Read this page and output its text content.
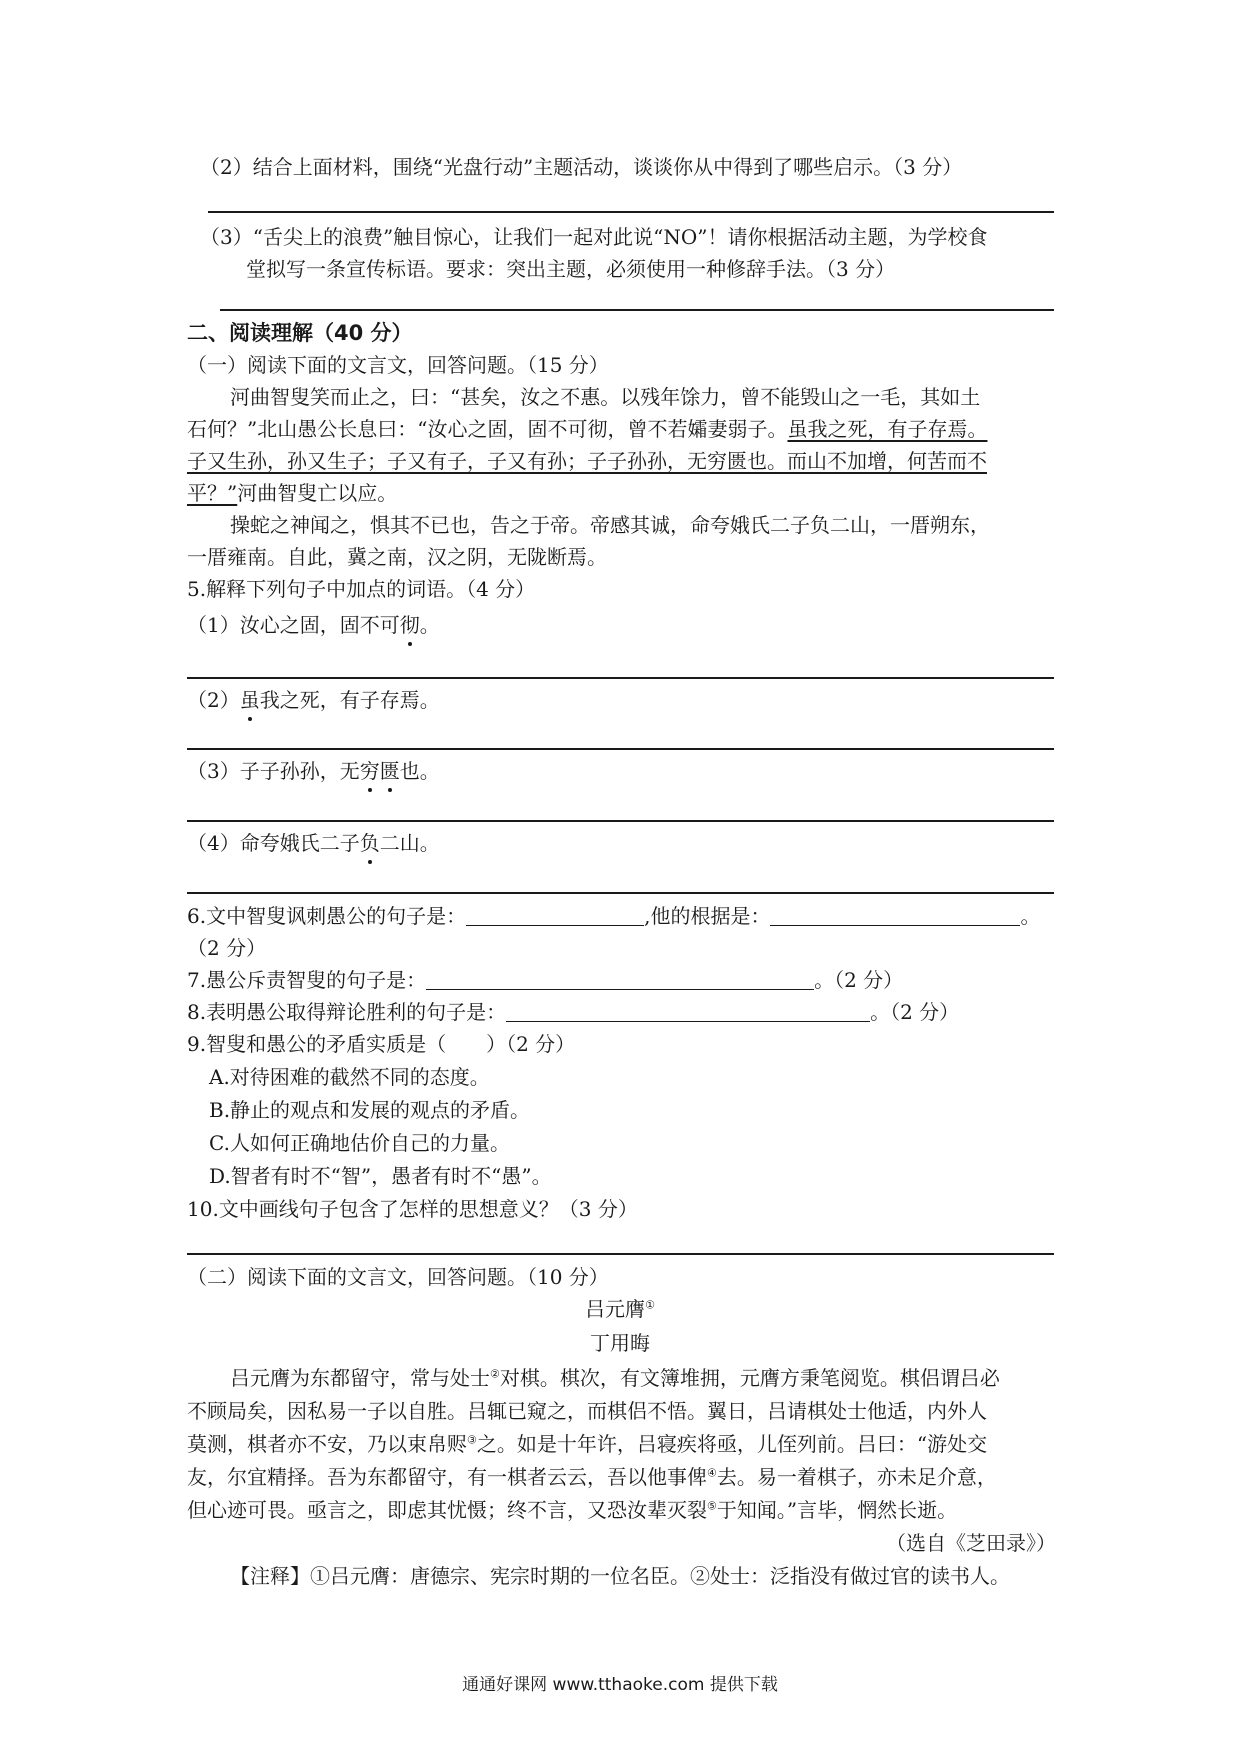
（2）结合上面材料，围绕“光盘行动”主题活动，谈谈你从中得到了哪些启示。（3 分）
（3）“舌尖上的浪费”触目惊心，让我们一起对此说“NO”！请你根据活动主题，为学校食
堂拟写一条宣传标语。要求：突出主题，必须使用一种修辞手法。（3 分）
二、阅读理解（40 分）
（一）阅读下面的文言文，回答问题。（15 分）
河曲智叟笑而止之，曰：“甚矣，汝之不惠。以残年馀力，曾不能毁山之一毛，其如土
石何？”北山愚公长息曰：“汝心之固，固不可彻，曾不若孀妻弱子。虽我之死，有子存焉。
子又生孙，孙又生子；子又有子，子又有孙；子子孙孙，无穷匮也。而山不加增，何苦而不
平？”河曲智叟亡以应。
操蛇之神闻之，惧其不已也，告之于帝。帝感其诚，命夸娥氏二子负二山，一厝朔东，
一厝雍南。自此，冀之南，汉之阴，无陇断焉。
5.解释下列句子中加点的词语。（4 分）
（1）汝心之固，固不可彻。
（2）虽我之死，有子存焉。
（3）子子孙孙，无穷匮也。
（4）命夸娥氏二子负二山。
6.文中智叟讽刺愚公的句子是：	,他的根据是：	。
（2 分）
7.愚公斥责智叟的句子是：	。（2 分）
8.表明愚公取得辩论胜利的句子是：	。（2 分）
9.智叟和愚公的矛盾实质是（　　）（2 分）
A.对待困难的截然不同的态度。
B.静止的观点和发展的观点的矛盾。
C.人如何正确地估价自己的力量。
D.智者有时不“智”，愚者有时不“愚”。
10.文中画线句子包含了怎样的思想意义？（3 分）
（二）阅读下面的文言文，回答问题。（10 分）
吕元膺①
丁用晦
吕元膺为东都留守，常与处士②对棋。棋次，有文簿堆拥，元膺方秉笔阅览。棋侣谓吕必
不顾局矣，因私易一子以自胜。吕辄已窥之，而棋侣不悟。翼日，吕请棋处士他适，内外人
莫测，棋者亦不安，乃以束帛赆③之。如是十年许，吕寝疾将亟，儿侄列前。吕曰：“游处交
友，尔宜精择。吾为东都留守，有一棋者云云，吾以他事俾④去。易一着棋子，亦未足介意，
但心迹可畏。亟言之，即虑其忧慑；终不言，又恐汝辈灭裂⑤于知闻。”言毕，惘然长逝。
（选自《芝田录》）
【注释】①吕元膺：唐德宗、宪宗时期的一位名臣。②处士：泛指没有做过官的读书人。
通通好课网 www.tthaoke.com 提供下载
